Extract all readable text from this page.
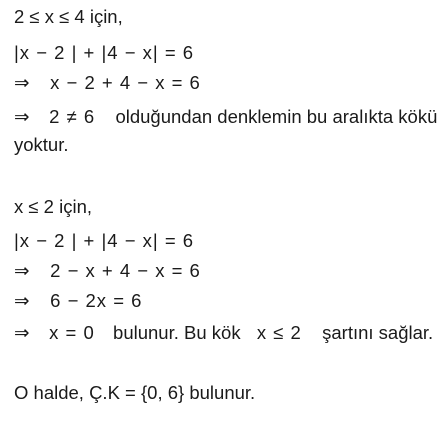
2 ≤ x ≤ 4 için,
|x − 2 | + |4 − x| = 6
⇒ x − 2 + 4 − x = 6
⇒ 2 ≠ 6 olduğundan denklemin bu aralıkta kökü
yoktur.
x ≤ 2 için,
|x − 2 | + |4 − x| = 6
⇒ 2 − x + 4 − x = 6
⇒ 6 − 2x = 6
⇒ x = 0 bulunur. Bu kök x ≤ 2 şartını sağlar.
O halde, Ç.K = {0, 6} bulunur.
